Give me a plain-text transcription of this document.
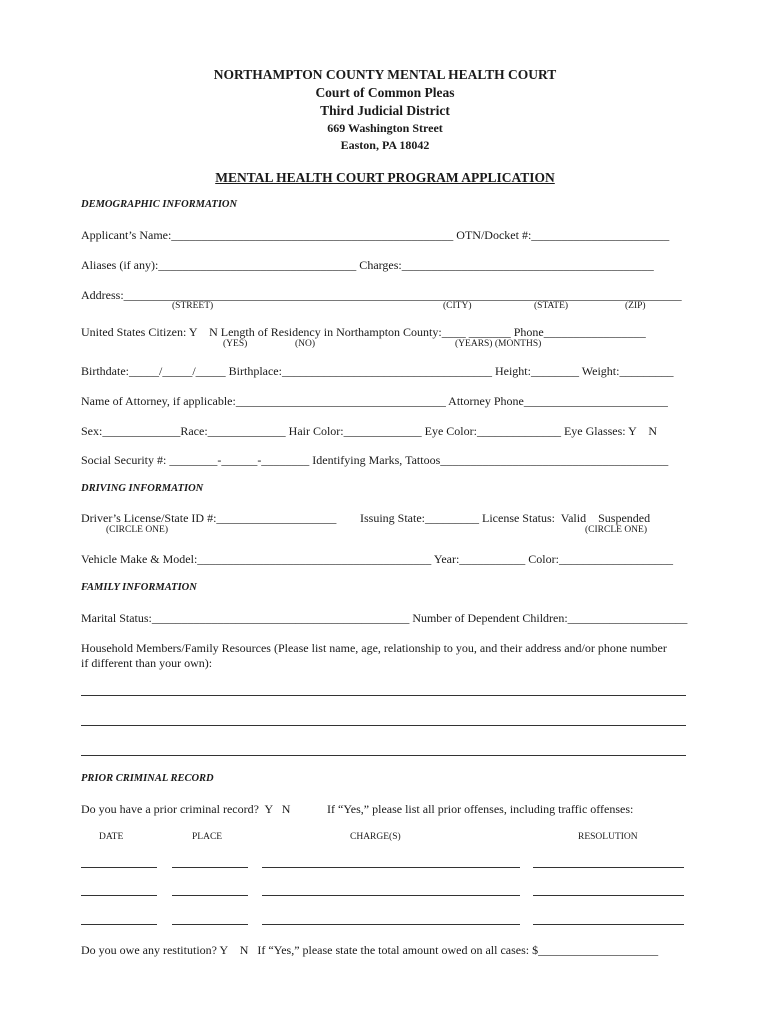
NORTHAMPTON COUNTY MENTAL HEALTH COURT
Court of Common Pleas
Third Judicial District
669 Washington Street
Easton, PA 18042
MENTAL HEALTH COURT PROGRAM APPLICATION
DEMOGRAPHIC INFORMATION
Applicant’s Name:_______________________________________________ OTN/Docket #:_______________________
Aliases (if any):_________________________________ Charges:__________________________________________
Address:_____________________________________________________________________________________________
(STREET)	(CITY)	(STATE)	(ZIP)
United States Citizen: Y    N Length of Residency in Northampton County:____ _______ Phone_________________
(YES)	(NO)	(YEARS) (MONTHS)
Birthdate:_____/_____/_____ Birthplace:___________________________________ Height:________ Weight:_________
Name of Attorney, if applicable:___________________________________ Attorney Phone________________________
Sex:_____________Race:_____________ Hair Color:_____________ Eye Color:______________ Eye Glasses: Y    N
Social Security #: ________-______-________ Identifying Marks, Tattoos______________________________________
DRIVING INFORMATION
Driver’s License/State ID #:____________________ Issuing State:_________ License Status:  Valid    Suspended
(CIRCLE ONE)	(CIRCLE ONE)
Vehicle Make & Model:_______________________________________ Year:___________ Color:___________________
FAMILY INFORMATION
Marital Status:___________________________________________ Number of Dependent Children:____________________
Household Members/Family Resources (Please list name, age, relationship to you, and their address and/or phone number
if different than your own):
PRIOR CRIMINAL RECORD
Do you have a prior criminal record?  Y   N	If “Yes,” please list all prior offenses, including traffic offenses:
DATE	PLACE	CHARGE(S)	RESOLUTION
Do you owe any restitution? Y    N   If “Yes,” please state the total amount owed on all cases: $____________________
